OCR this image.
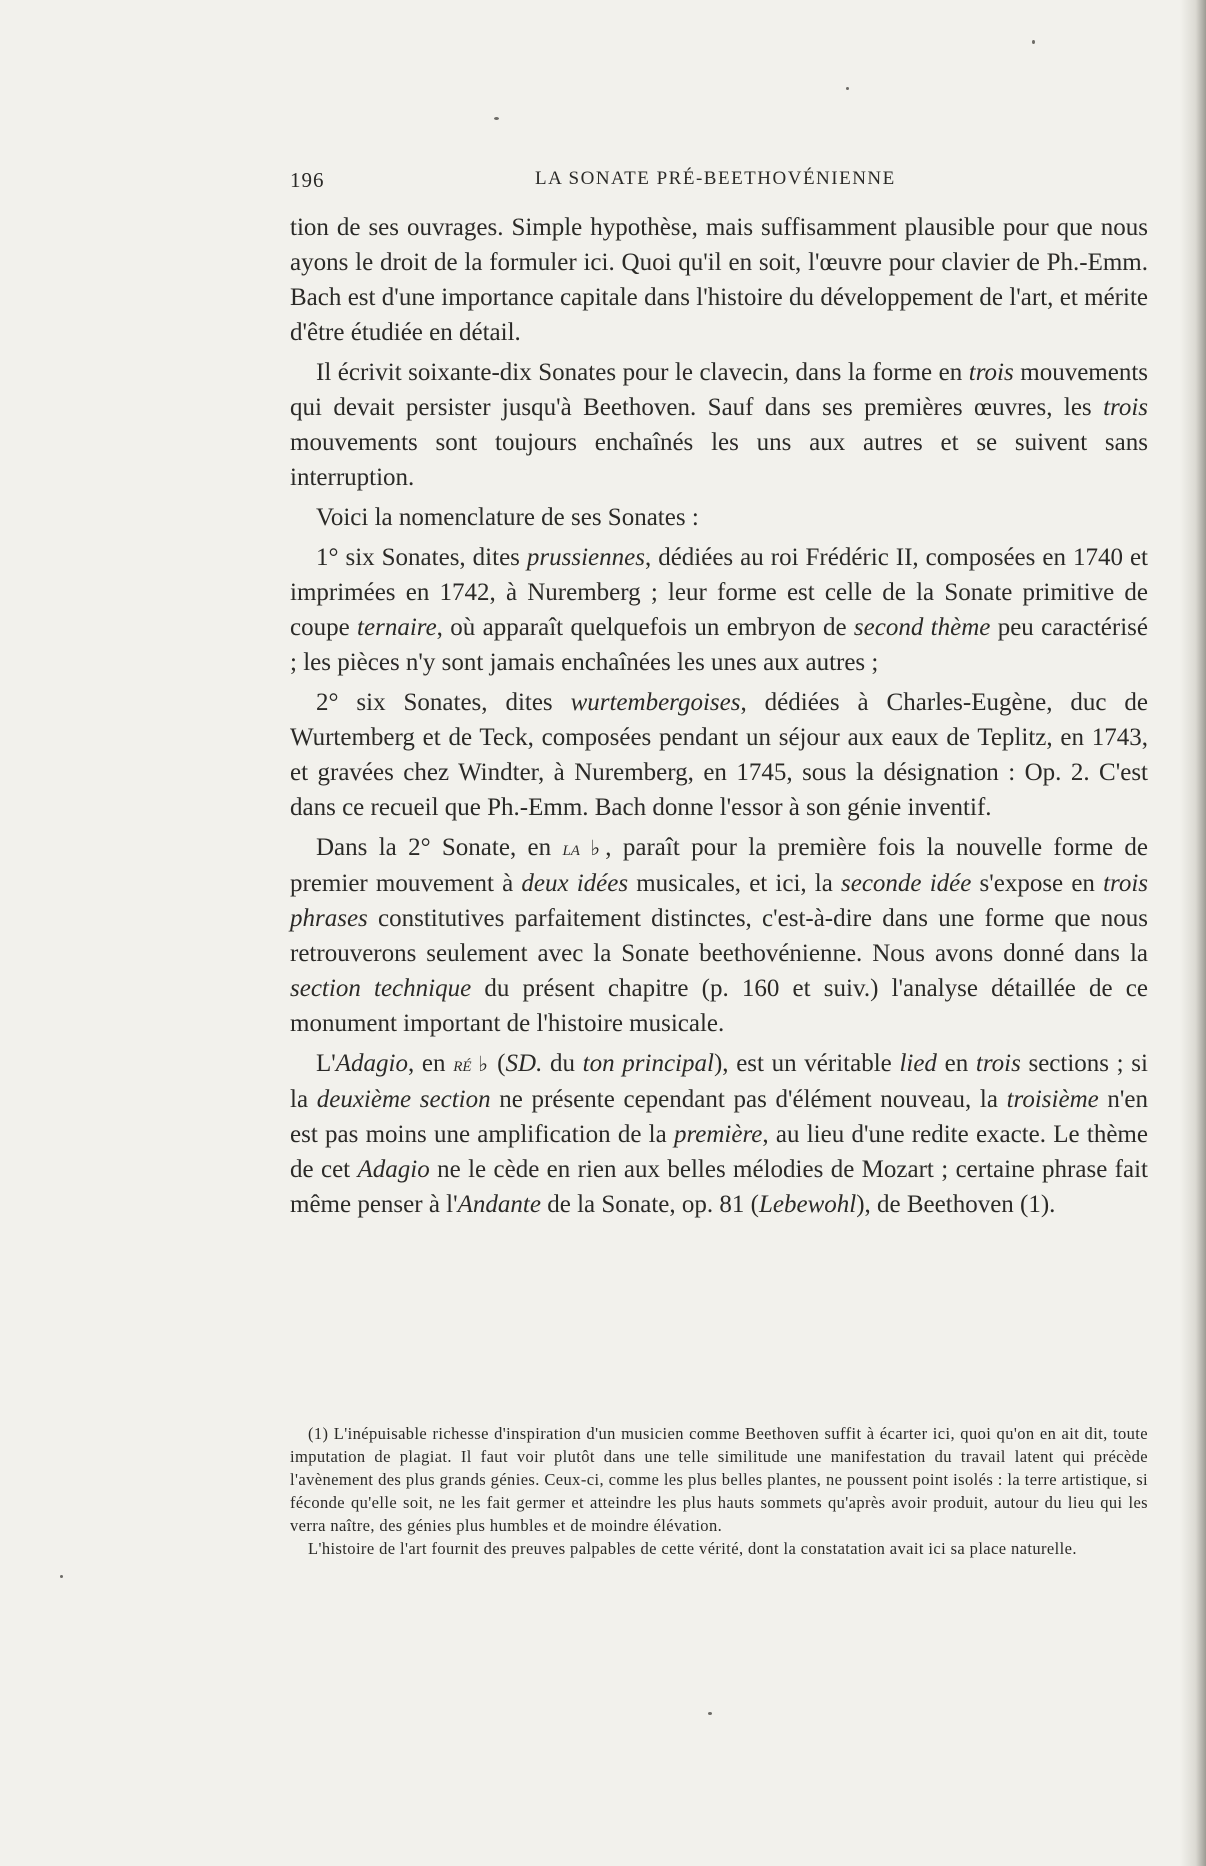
196	LA SONATE PRÉ-BEETHOVÉNIENNE

tion de ses ouvrages. Simple hypothèse, mais suffisamment plausible pour que nous ayons le droit de la formuler ici. Quoi qu'il en soit, l'œuvre pour clavier de Ph.-Emm. Bach est d'une importance capitale dans l'histoire du développement de l'art, et mérite d'être étudiée en détail.

Il écrivit soixante-dix Sonates pour le clavecin, dans la forme en trois mouvements qui devait persister jusqu'à Beethoven. Sauf dans ses premières œuvres, les trois mouvements sont toujours enchaînés les uns aux autres et se suivent sans interruption.

Voici la nomenclature de ses Sonates :

1° six Sonates, dites prussiennes, dédiées au roi Frédéric II, composées en 1740 et imprimées en 1742, à Nuremberg ; leur forme est celle de la Sonate primitive de coupe ternaire, où apparaît quelquefois un embryon de second thème peu caractérisé ; les pièces n'y sont jamais enchaînées les unes aux autres ;

2° six Sonates, dites wurtembergoises, dédiées à Charles-Eugène, duc de Wurtemberg et de Teck, composées pendant un séjour aux eaux de Teplitz, en 1743, et gravées chez Windter, à Nuremberg, en 1745, sous la désignation : Op. 2. C'est dans ce recueil que Ph.-Emm. Bach donne l'essor à son génie inventif.

Dans la 2° Sonate, en la ♭, paraît pour la première fois la nouvelle forme de premier mouvement à deux idées musicales, et ici, la seconde idée s'expose en trois phrases constitutives parfaitement distinctes, c'est-à-dire dans une forme que nous retrouverons seulement avec la Sonate beethovénienne. Nous avons donné dans la section technique du présent chapitre (p. 160 et suiv.) l'analyse détaillée de ce monument important de l'histoire musicale.

L'Adagio, en ré ♭ (SD. du ton principal), est un véritable lied en trois sections ; si la deuxième section ne présente cependant pas d'élément nouveau, la troisième n'en est pas moins une amplification de la première, au lieu d'une redite exacte. Le thème de cet Adagio ne le cède en rien aux belles mélodies de Mozart ; certaine phrase fait même penser à l'Andante de la Sonate, op. 81 (Lebewohl), de Beethoven (1).

(1) L'inépuisable richesse d'inspiration d'un musicien comme Beethoven suffit à écarter ici, quoi qu'on en ait dit, toute imputation de plagiat. Il faut voir plutôt dans une telle similitude une manifestation du travail latent qui précède l'avènement des plus grands génies. Ceux-ci, comme les plus belles plantes, ne poussent point isolés : la terre artistique, si féconde qu'elle soit, ne les fait germer et atteindre les plus hauts sommets qu'après avoir produit, autour du lieu qui les verra naître, des génies plus humbles et de moindre élévation.

L'histoire de l'art fournit des preuves palpables de cette vérité, dont la constatation avait ici sa place naturelle.
